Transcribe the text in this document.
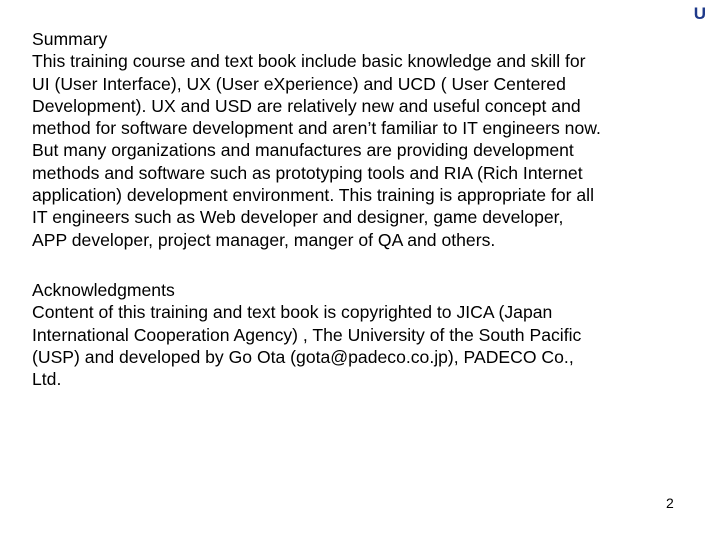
U
Summary
This training course and text book include basic knowledge and skill for
UI (User Interface), UX (User eXperience) and UCD ( User Centered
Development). UX and USD are relatively new and useful concept and
method for software development and aren’t familiar to IT engineers now.
But many organizations and manufactures are providing development
methods and software such as prototyping tools and RIA (Rich Internet
application) development environment. This training is appropriate for all
IT engineers such as Web developer and designer, game developer,
APP developer, project manager, manger of QA and others.
Acknowledgments
Content of this training and text book is copyrighted to JICA (Japan
International Cooperation Agency) , The University of the South Pacific
(USP) and developed by Go Ota (gota@padeco.co.jp), PADECO Co.,
Ltd.
2
